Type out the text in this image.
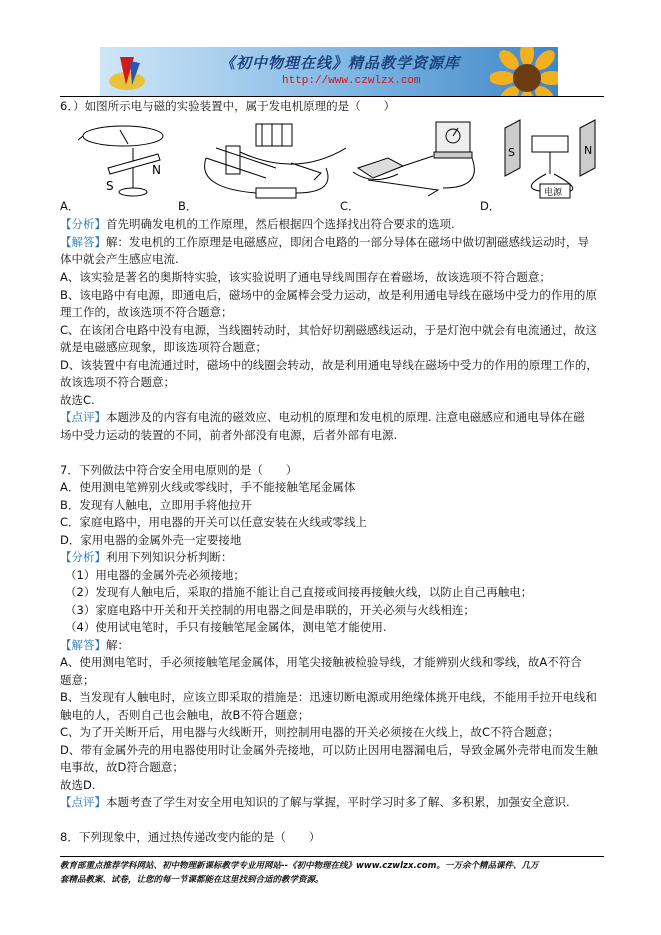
《初中物理在线》精品教学资源库
http://www.czwlzx.com
6．）如图所示电与磁的实验装置中，属于发电机原理的是（　　）
S
N
S	N
电源
A．	B．	C．	D．
【分析】首先明确发电机的工作原理，然后根据四个选择找出符合要求的选项.
【解答】解：发电机的工作原理是电磁感应，即闭合电路的一部分导体在磁场中做切割磁感线运动时，导
体中就会产生感应电流.
A、该实验是著名的奥斯特实验，该实验说明了通电导线周围存在着磁场，故该选项不符合题意；
B、该电路中有电源，即通电后，磁场中的金属棒会受力运动，故是利用通电导线在磁场中受力的作用的原
理工作的，故该选项不符合题意；
C、在该闭合电路中没有电源，当线圈转动时，其恰好切割磁感线运动，于是灯泡中就会有电流通过，故这
就是电磁感应现象，即该选项符合题意；
D、该装置中有电流通过时，磁场中的线圈会转动，故是利用通电导线在磁场中受力的作用的原理工作的，
故该选项不符合题意；
故选C.
【点评】本题涉及的内容有电流的磁效应、电动机的原理和发电机的原理. 注意电磁感应和通电导体在磁
场中受力运动的装置的不同，前者外部没有电源，后者外部有电源.
7．下列做法中符合安全用电原则的是（　　）
A．使用测电笔辨别火线或零线时，手不能接触笔尾金属体
B．发现有人触电，立即用手将他拉开
C．家庭电路中，用电器的开关可以任意安装在火线或零线上
D．家用电器的金属外壳一定要接地
【分析】利用下列知识分析判断：
（1）用电器的金属外壳必须接地；
（2）发现有人触电后，采取的措施不能让自己直接或间接再接触火线，以防止自己再触电；
（3）家庭电路中开关和开关控制的用电器之间是串联的，开关必须与火线相连；
（4）使用试电笔时，手只有接触笔尾金属体，测电笔才能使用.
【解答】解：
A、使用测电笔时，手必须接触笔尾金属体，用笔尖接触被检验导线，才能辨别火线和零线，故A不符合
题意；
B、当发现有人触电时，应该立即采取的措施是：迅速切断电源或用绝缘体挑开电线，不能用手拉开电线和
触电的人，否则自己也会触电，故B不符合题意；
C、为了开关断开后，用电器与火线断开，则控制用电器的开关必须接在火线上，故C不符合题意；
D、带有金属外壳的用电器使用时让金属外壳接地，可以防止因用电器漏电后，导致金属外壳带电而发生触
电事故，故D符合题意；
故选D.
【点评】本题考查了学生对安全用电知识的了解与掌握，平时学习时多了解、多积累，加强安全意识.
8．下列现象中，通过热传递改变内能的是（　　）
教育部重点推荐学科网站、初中物理新课标教学专业用网站--《初中物理在线》www.czwlzx.com。一万余个精品课件、几万
套精品教案、试卷，让您的每一节课都能在这里找到合适的教学资源。
